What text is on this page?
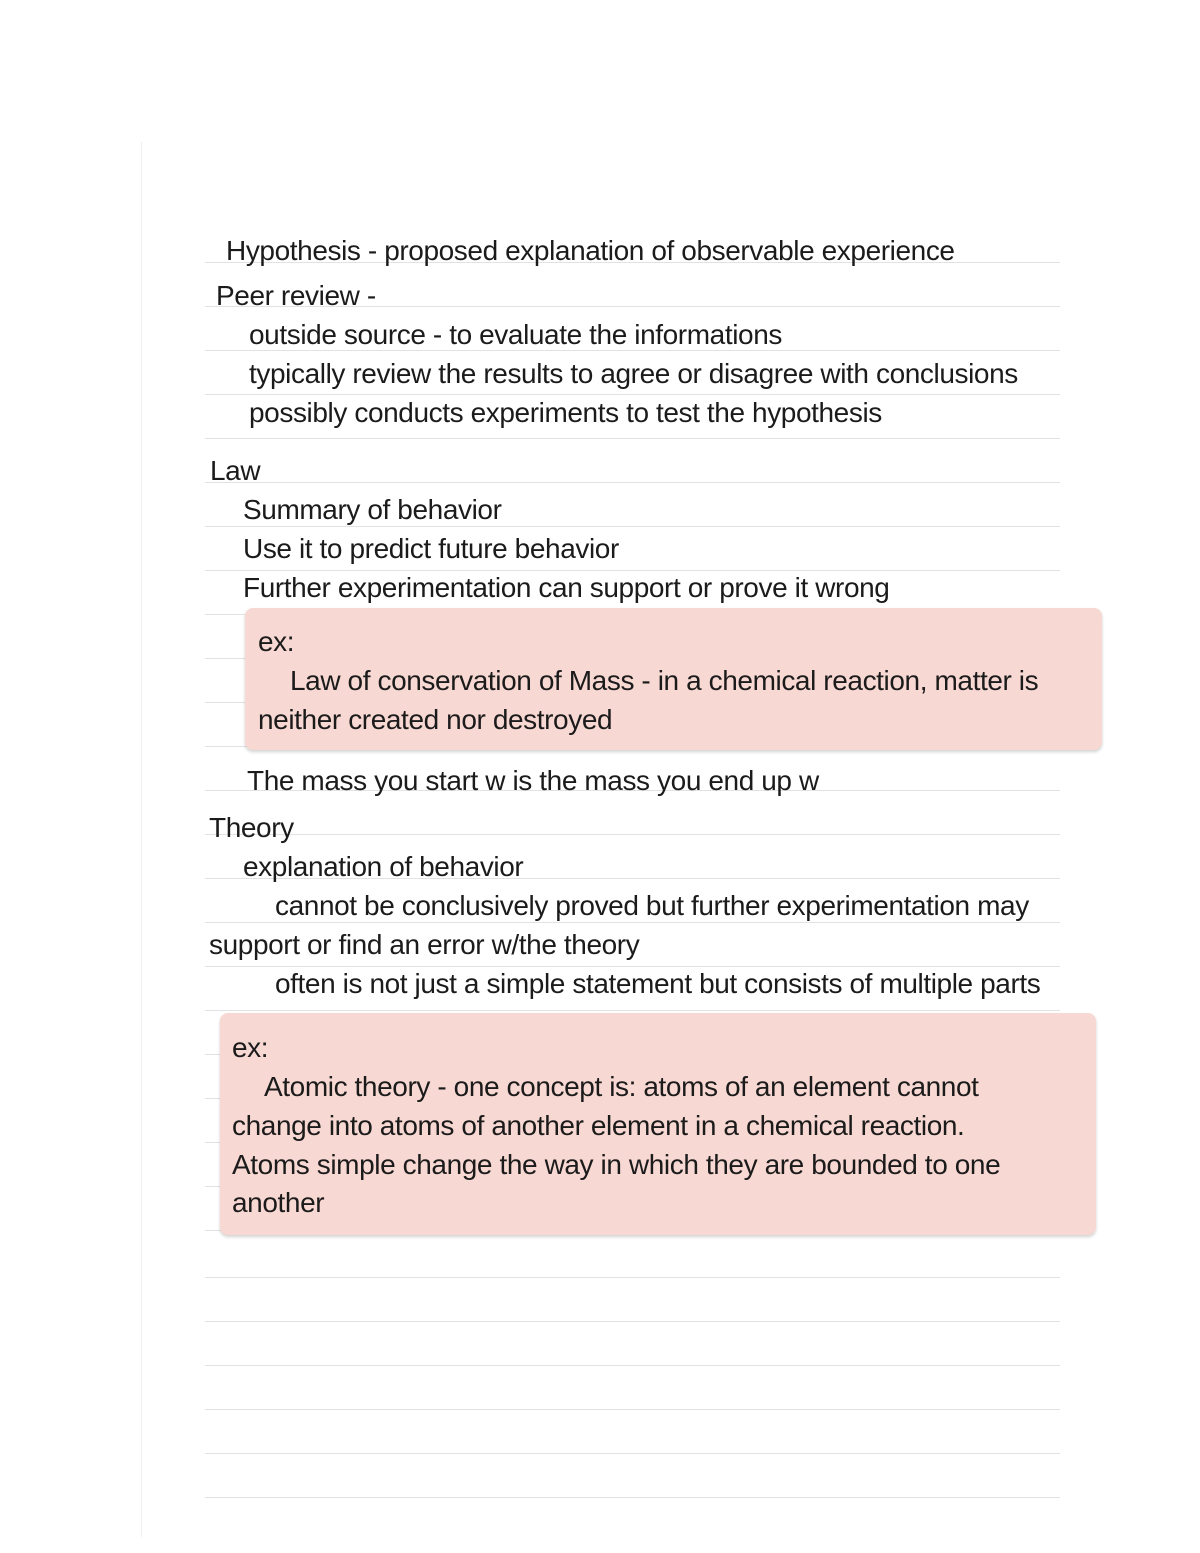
Hypothesis - proposed explanation of observable experience
Peer review -
outside source - to evaluate the informations
typically review the results to agree or disagree with conclusions
possibly conducts experiments to test the hypothesis
Law
Summary of behavior
Use it to predict future behavior
Further experimentation can support or prove it wrong
ex:
Law of conservation of Mass - in a chemical reaction, matter is
neither created nor destroyed
The mass you start w is the mass you end up w
Theory
explanation of behavior
cannot be conclusively proved but further experimentation may
support or find an error w/the theory
often is not just a simple statement but consists of multiple parts
ex:
Atomic theory - one concept is: atoms of an element cannot
change into atoms of another element in a chemical reaction.
Atoms simple change the way in which they are bounded to one
another
